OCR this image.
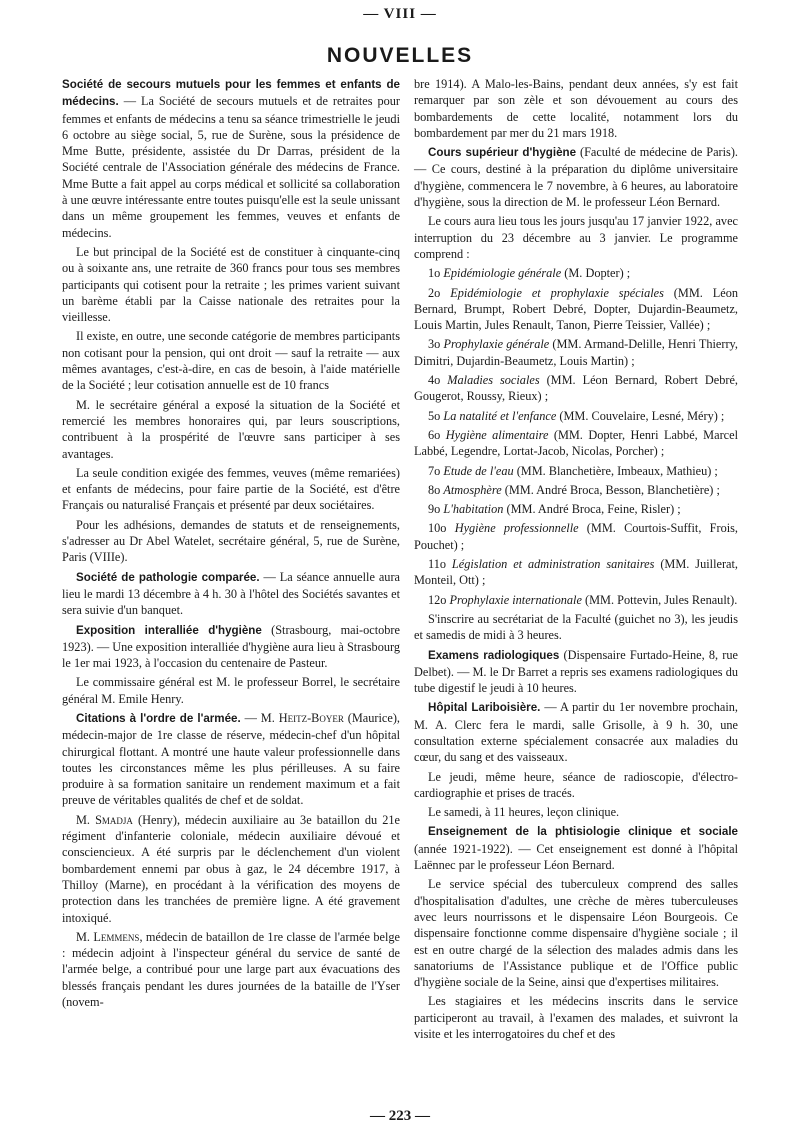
— VIII —
NOUVELLES

Société de secours mutuels pour les femmes et enfants de médecins. — La Société de secours mutuels et de retraites pour femmes et enfants de médecins a tenu sa séance trimestrielle le jeudi 6 octobre au siège social, 5, rue de Surène, sous la présidence de Mme Butte, présidente, assistée du Dr Darras, président de la Société centrale de l'Association générale des médecins de France. Mme Butte a fait appel au corps médical et sollicité sa collaboration à une œuvre intéressante entre toutes puisqu'elle est la seule unissant dans un même groupement les femmes, veuves et enfants de médecins.

Le but principal de la Société est de constituer à cinquante-cinq ou à soixante ans, une retraite de 360 francs pour tous ses membres participants qui cotisent pour la retraite ; les primes varient suivant un barème établi par la Caisse nationale des retraites pour la vieillesse.

Il existe, en outre, une seconde catégorie de membres participants non cotisant pour la pension, qui ont droit — sauf la retraite — aux mêmes avantages, c'est-à-dire, en cas de besoin, à l'aide matérielle de la Société ; leur cotisation annuelle est de 10 francs

M. le secrétaire général a exposé la situation de la Société et remercié les membres honoraires qui, par leurs souscriptions, contribuent à la prospérité de l'œuvre sans participer à ses avantages.

La seule condition exigée des femmes, veuves (même remariées) et enfants de médecins, pour faire partie de la Société, est d'être Français ou naturalisé Français et présenté par deux sociétaires.

Pour les adhésions, demandes de statuts et de renseignements, s'adresser au Dr Abel Watelet, secrétaire général, 5, rue de Surène, Paris (VIIIe).

Société de pathologie comparée. — La séance annuelle aura lieu le mardi 13 décembre à 4 h. 30 à l'hôtel des Sociétés savantes et sera suivie d'un banquet.

Exposition interalliée d'hygiène (Strasbourg, mai-octobre 1923). — Une exposition interalliée d'hygiène aura lieu à Strasbourg le 1er mai 1923, à l'occasion du centenaire de Pasteur.

Le commissaire général est M. le professeur Borrel, le secrétaire général M. Emile Henry.

Citations à l'ordre de l'armée. — M. Heitz-Boyer (Maurice), médecin-major de 1re classe de réserve, médecin-chef d'un hôpital chirurgical flottant. A montré une haute valeur professionnelle dans toutes les circonstances même les plus périlleuses. A su faire produire à sa formation sanitaire un rendement maximum et a fait preuve de véritables qualités de chef et de soldat.

M. Smadja (Henry), médecin auxiliaire au 3e bataillon du 21e régiment d'infanterie coloniale, médecin auxiliaire dévoué et consciencieux. A été surpris par le déclenchement d'un violent bombardement ennemi par obus à gaz, le 24 décembre 1917, à Thilloy (Marne), en procédant à la vérification des moyens de protection dans les tranchées de première ligne. A été gravement intoxiqué.

M. Lemmens, médecin de bataillon de 1re classe de l'armée belge : médecin adjoint à l'inspecteur général du service de santé de l'armée belge, a contribué pour une large part aux évacuations des blessés français pendant les dures journées de la bataille de l'Yser (novem-

bre 1914). A Malo-les-Bains, pendant deux années, s'y est fait remarquer par son zèle et son dévouement au cours des bombardements de cette localité, notamment lors du bombardement par mer du 21 mars 1918.

Cours supérieur d'hygiène (Faculté de médecine de Paris). — Ce cours, destiné à la préparation du diplôme universitaire d'hygiène, commencera le 7 novembre, à 6 heures, au laboratoire d'hygiène, sous la direction de M. le professeur Léon Bernard.

Le cours aura lieu tous les jours jusqu'au 17 janvier 1922, avec interruption du 23 décembre au 3 janvier. Le programme comprend :

1o Epidémiologie générale (M. Dopter) ;

2o Epidémiologie et prophylaxie spéciales (MM. Léon Bernard, Brumpt, Robert Debré, Dopter, Dujardin-Beaumetz, Louis Martin, Jules Renault, Tanon, Pierre Teissier, Vallée) ;

3o Prophylaxie générale (MM. Armand-Delille, Henri Thierry, Dimitri, Dujardin-Beaumetz, Louis Martin) ;

4o Maladies sociales (MM. Léon Bernard, Robert Debré, Gougerot, Roussy, Rieux) ;

5o La natalité et l'enfance (MM. Couvelaire, Lesné, Méry) ;

6o Hygiène alimentaire (MM. Dopter, Henri Labbé, Marcel Labbé, Legendre, Lortat-Jacob, Nicolas, Porcher) ;

7o Etude de l'eau (MM. Blanchetière, Imbeaux, Mathieu) ;

8o Atmosphère (MM. André Broca, Besson, Blanchetière) ;

9o L'habitation (MM. André Broca, Feine, Risler) ;

10o Hygiène professionnelle (MM. Courtois-Suffit, Frois, Pouchet) ;

11o Législation et administration sanitaires (MM. Juillerat, Monteil, Ott) ;

12o Prophylaxie internationale (MM. Pottevin, Jules Renault).

S'inscrire au secrétariat de la Faculté (guichet no 3), les jeudis et samedis de midi à 3 heures.

Examens radiologiques (Dispensaire Furtado-Heine, 8, rue Delbet). — M. le Dr Barret a repris ses examens radiologiques du tube digestif le jeudi à 10 heures.

Hôpital Lariboisière. — A partir du 1er novembre prochain, M. A. Clerc fera le mardi, salle Grisolle, à 9 h. 30, une consultation externe spécialement consacrée aux maladies du cœur, du sang et des vaisseaux.

Le jeudi, même heure, séance de radioscopie, d'électro-cardiographie et prises de tracés.

Le samedi, à 11 heures, leçon clinique.

Enseignement de la phtisiologie clinique et sociale (année 1921-1922). — Cet enseignement est donné à l'hôpital Laënnec par le professeur Léon Bernard.

Le service spécial des tuberculeux comprend des salles d'hospitalisation d'adultes, une crèche de mères tuberculeuses avec leurs nourrissons et le dispensaire Léon Bourgeois. Ce dispensaire fonctionne comme dispensaire d'hygiène sociale ; il est en outre chargé de la sélection des malades admis dans les sanatoriums de l'Assistance publique et de l'Office public d'hygiène sociale de la Seine, ainsi que d'expertises militaires.

Les stagiaires et les médecins inscrits dans le service participeront au travail, à l'examen des malades, et suivront la visite et les interrogatoires du chef et des

— 223 —
